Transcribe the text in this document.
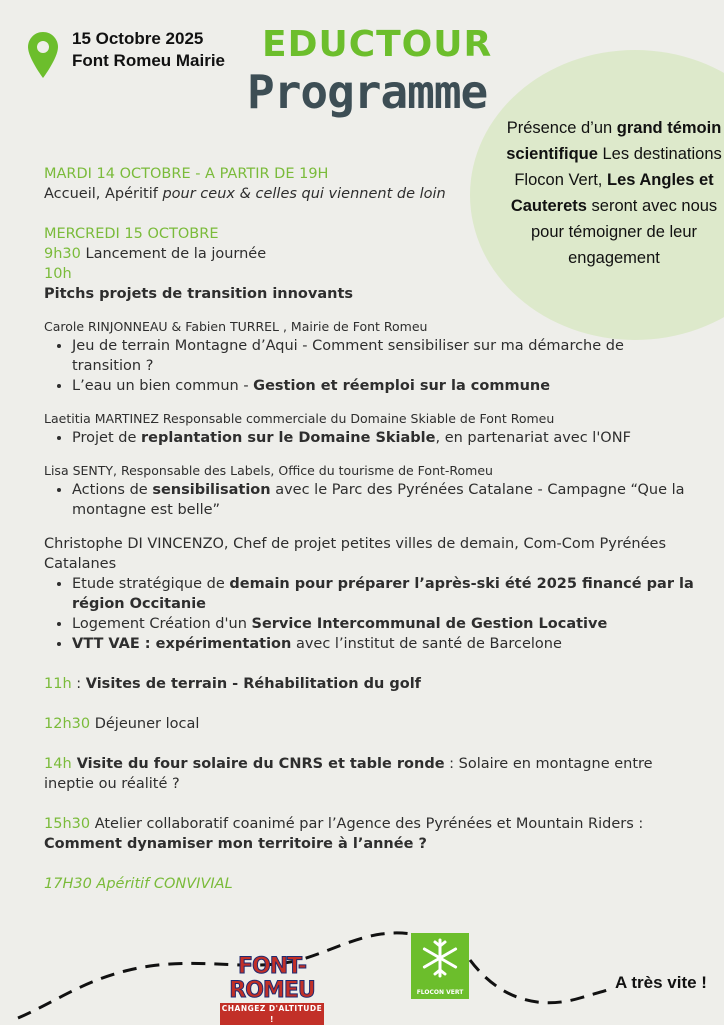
15 Octobre 2025
Font Romeu Mairie EDUCTOUR
Programme
Présence d’un grand témoin scientifique Les destinations Flocon Vert, Les Angles et Cauterets seront avec nous pour témoigner de leur engagement
MARDI 14 OCTOBRE - A PARTIR DE 19H
Accueil, Apéritif pour ceux & celles qui viennent de loin
MERCREDI 15 OCTOBRE
9h30 Lancement de la journée
10h
Pitchs projets de transition innovants
Carole RINJONNEAU & Fabien TURREL , Mairie de Font Romeu
• Jeu de terrain Montagne d’Aqui - Comment sensibiliser sur ma démarche de transition ?
• L’eau un bien commun - Gestion et réemploi sur la commune
Laetitia MARTINEZ Responsable commerciale du Domaine Skiable de Font Romeu
• Projet de replantation sur le Domaine Skiable, en partenariat avec l'ONF
Lisa SENTY, Responsable des Labels, Office du tourisme de Font-Romeu
• Actions de sensibilisation avec le Parc des Pyrénées Catalane - Campagne “Que la montagne est belle”
Christophe DI VINCENZO, Chef de projet petites villes de demain, Com-Com Pyrénées Catalanes
• Etude stratégique de demain pour préparer l’après-ski été 2025 financé par la région Occitanie
• Logement Création d'un Service Intercommunal de Gestion Locative
• VTT VAE : expérimentation avec l’institut de santé de Barcelone
11h : Visites de terrain - Réhabilitation du golf
12h30 Déjeuner local
14h Visite du four solaire du CNRS et table ronde : Solaire en montagne entre ineptie ou réalité ?
15h30 Atelier collaboratif coanimé par l’Agence des Pyrénées et Mountain Riders :
Comment dynamiser mon territoire à l’année ?
17H30 Apéritif CONVIVIAL
FONT-ROMEU
CHANGEZ D'ALTITUDE !
FLOCON VERT
A très vite !
